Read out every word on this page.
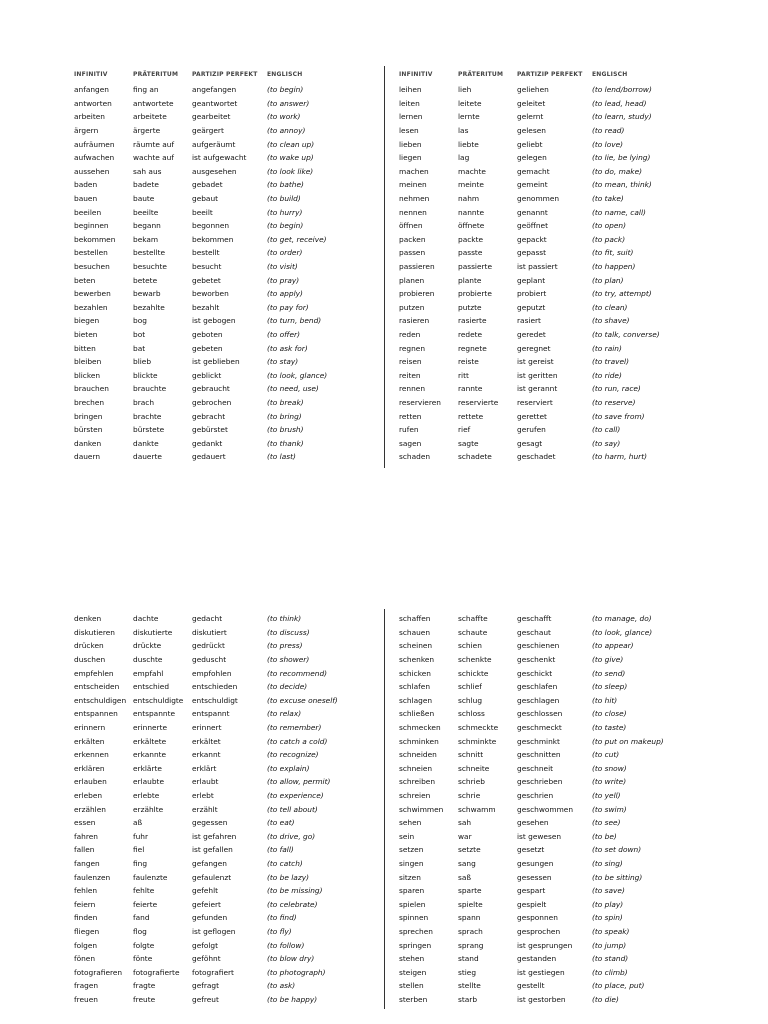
INFINITIV	PRÄTERITUM	PARTIZIP PERFEKT	ENGLISCH
anfangen	fing an	angefangen	(to begin)
antworten	antwortete	geantwortet	(to answer)
arbeiten	arbeitete	gearbeitet	(to work)
ärgern	ärgerte	geärgert	(to annoy)
aufräumen	räumte auf	aufgeräumt	(to clean up)
aufwachen	wachte auf	ist aufgewacht	(to wake up)
aussehen	sah aus	ausgesehen	(to look like)
baden	badete	gebadet	(to bathe)
bauen	baute	gebaut	(to build)
beeilen	beeilte	beeilt	(to hurry)
beginnen	begann	begonnen	(to begin)
bekommen	bekam	bekommen	(to get, receive)
bestellen	bestellte	bestellt	(to order)
besuchen	besuchte	besucht	(to visit)
beten	betete	gebetet	(to pray)
bewerben	bewarb	beworben	(to apply)
bezahlen	bezahlte	bezahlt	(to pay for)
biegen	bog	ist gebogen	(to turn, bend)
bieten	bot	geboten	(to offer)
bitten	bat	gebeten	(to ask for)
bleiben	blieb	ist geblieben	(to stay)
blicken	blickte	geblickt	(to look, glance)
brauchen	brauchte	gebraucht	(to need, use)
brechen	brach	gebrochen	(to break)
bringen	brachte	gebracht	(to bring)
bürsten	bürstete	gebürstet	(to brush)
danken	dankte	gedankt	(to thank)
dauern	dauerte	gedauert	(to last)
INFINITIV	PRÄTERITUM	PARTIZIP PERFEKT	ENGLISCH
leihen	lieh	geliehen	(to lend/borrow)
leiten	leitete	geleitet	(to lead, head)
lernen	lernte	gelernt	(to learn, study)
lesen	las	gelesen	(to read)
lieben	liebte	geliebt	(to love)
liegen	lag	gelegen	(to lie, be lying)
machen	machte	gemacht	(to do, make)
meinen	meinte	gemeint	(to mean, think)
nehmen	nahm	genommen	(to take)
nennen	nannte	genannt	(to name, call)
öffnen	öffnete	geöffnet	(to open)
packen	packte	gepackt	(to pack)
passen	passte	gepasst	(to fit, suit)
passieren	passierte	ist passiert	(to happen)
planen	plante	geplant	(to plan)
probieren	probierte	probiert	(to try, attempt)
putzen	putzte	geputzt	(to clean)
rasieren	rasierte	rasiert	(to shave)
reden	redete	geredet	(to talk, converse)
regnen	regnete	geregnet	(to rain)
reisen	reiste	ist gereist	(to travel)
reiten	ritt	ist geritten	(to ride)
rennen	rannte	ist gerannt	(to run, race)
reservieren	reservierte	reserviert	(to reserve)
retten	rettete	gerettet	(to save from)
rufen	rief	gerufen	(to call)
sagen	sagte	gesagt	(to say)
schaden	schadete	geschadet	(to harm, hurt)
denken	dachte	gedacht	(to think)
diskutieren	diskutierte	diskutiert	(to discuss)
drücken	drückte	gedrückt	(to press)
duschen	duschte	geduscht	(to shower)
empfehlen	empfahl	empfohlen	(to recommend)
entscheiden	entschied	entschieden	(to decide)
entschuldigen	entschuldigte	entschuldigt	(to excuse oneself)
entspannen	entspannte	entspannt	(to relax)
erinnern	erinnerte	erinnert	(to remember)
erkälten	erkältete	erkältet	(to catch a cold)
erkennen	erkannte	erkannt	(to recognize)
erklären	erklärte	erklärt	(to explain)
erlauben	erlaubte	erlaubt	(to allow, permit)
erleben	erlebte	erlebt	(to experience)
erzählen	erzählte	erzählt	(to tell about)
essen	aß	gegessen	(to eat)
fahren	fuhr	ist gefahren	(to drive, go)
fallen	fiel	ist gefallen	(to fall)
fangen	fing	gefangen	(to catch)
faulenzen	faulenzte	gefaulenzt	(to be lazy)
fehlen	fehlte	gefehlt	(to be missing)
feiern	feierte	gefeiert	(to celebrate)
finden	fand	gefunden	(to find)
fliegen	flog	ist geflogen	(to fly)
folgen	folgte	gefolgt	(to follow)
fönen	fönte	geföhnt	(to blow dry)
fotografieren	fotografierte	fotografiert	(to photograph)
fragen	fragte	gefragt	(to ask)
freuen	freute	gefreut	(to be happy)
schaffen	schaffte	geschafft	(to manage, do)
schauen	schaute	geschaut	(to look, glance)
scheinen	schien	geschienen	(to appear)
schenken	schenkte	geschenkt	(to give)
schicken	schickte	geschickt	(to send)
schlafen	schlief	geschlafen	(to sleep)
schlagen	schlug	geschlagen	(to hit)
schließen	schloss	geschlossen	(to close)
schmecken	schmeckte	geschmeckt	(to taste)
schminken	schminkte	geschminkt	(to put on makeup)
schneiden	schnitt	geschnitten	(to cut)
schneien	schneite	geschneit	(to snow)
schreiben	schrieb	geschrieben	(to write)
schreien	schrie	geschrien	(to yell)
schwimmen	schwamm	geschwommen	(to swim)
sehen	sah	gesehen	(to see)
sein	war	ist gewesen	(to be)
setzen	setzte	gesetzt	(to set down)
singen	sang	gesungen	(to sing)
sitzen	saß	gesessen	(to be sitting)
sparen	sparte	gespart	(to save)
spielen	spielte	gespielt	(to play)
spinnen	spann	gesponnen	(to spin)
sprechen	sprach	gesprochen	(to speak)
springen	sprang	ist gesprungen	(to jump)
stehen	stand	gestanden	(to stand)
steigen	stieg	ist gestiegen	(to climb)
stellen	stellte	gestellt	(to place, put)
sterben	starb	ist gestorben	(to die)
